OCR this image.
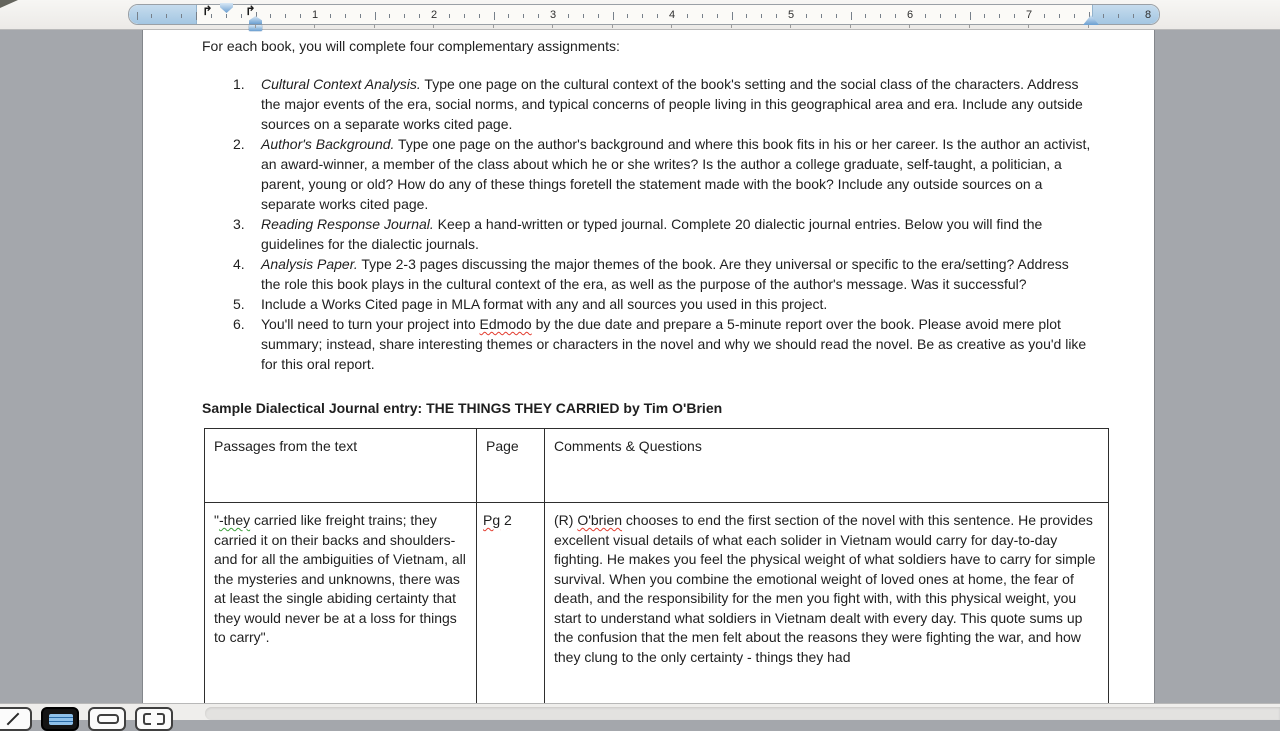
1	2	3	4	5	6	7	8
↱ ↱

For each book, you will complete four complementary assignments:

1.	Cultural Context Analysis. Type one page on the cultural context of the book's setting and the social class of the characters. Address the major events of the era, social norms, and typical concerns of people living in this geographical area and era. Include any outside sources on a separate works cited page.
2.	Author's Background. Type one page on the author's background and where this book fits in his or her career. Is the author an activist, an award-winner, a member of the class about which he or she writes? Is the author a college graduate, self-taught, a politician, a parent, young or old? How do any of these things foretell the statement made with the book? Include any outside sources on a separate works cited page.
3.	Reading Response Journal. Keep a hand-written or typed journal. Complete 20 dialectic journal entries. Below you will find the guidelines for the dialectic journals.
4.	Analysis Paper. Type 2-3 pages discussing the major themes of the book. Are they universal or specific to the era/setting? Address the role this book plays in the cultural context of the era, as well as the purpose of the author's message. Was it successful?
5.	Include a Works Cited page in MLA format with any and all sources you used in this project.
6.	You'll need to turn your project into Edmodo by the due date and prepare a 5-minute report over the book. Please avoid mere plot summary; instead, share interesting themes or characters in the novel and why we should read the novel. Be as creative as you'd like for this oral report.

Sample Dialectical Journal entry: THE THINGS THEY CARRIED by Tim O'Brien

Passages from the text	Page	Comments & Questions
"-they carried like freight trains; they carried it on their backs and shoulders-and for all the ambiguities of Vietnam, all the mysteries and unknowns, there was at least the single abiding certainty that they would never be at a loss for things to carry".	Pg 2	(R) O'brien chooses to end the first section of the novel with this sentence. He provides excellent visual details of what each solider in Vietnam would carry for day-to-day fighting. He makes you feel the physical weight of what soldiers have to carry for simple survival. When you combine the emotional weight of loved ones at home, the fear of death, and the responsibility for the men you fight with, with this physical weight, you start to understand what soldiers in Vietnam dealt with every day. This quote sums up the confusion that the men felt about the reasons they were fighting the war, and how they clung to the only certainty - things they had
